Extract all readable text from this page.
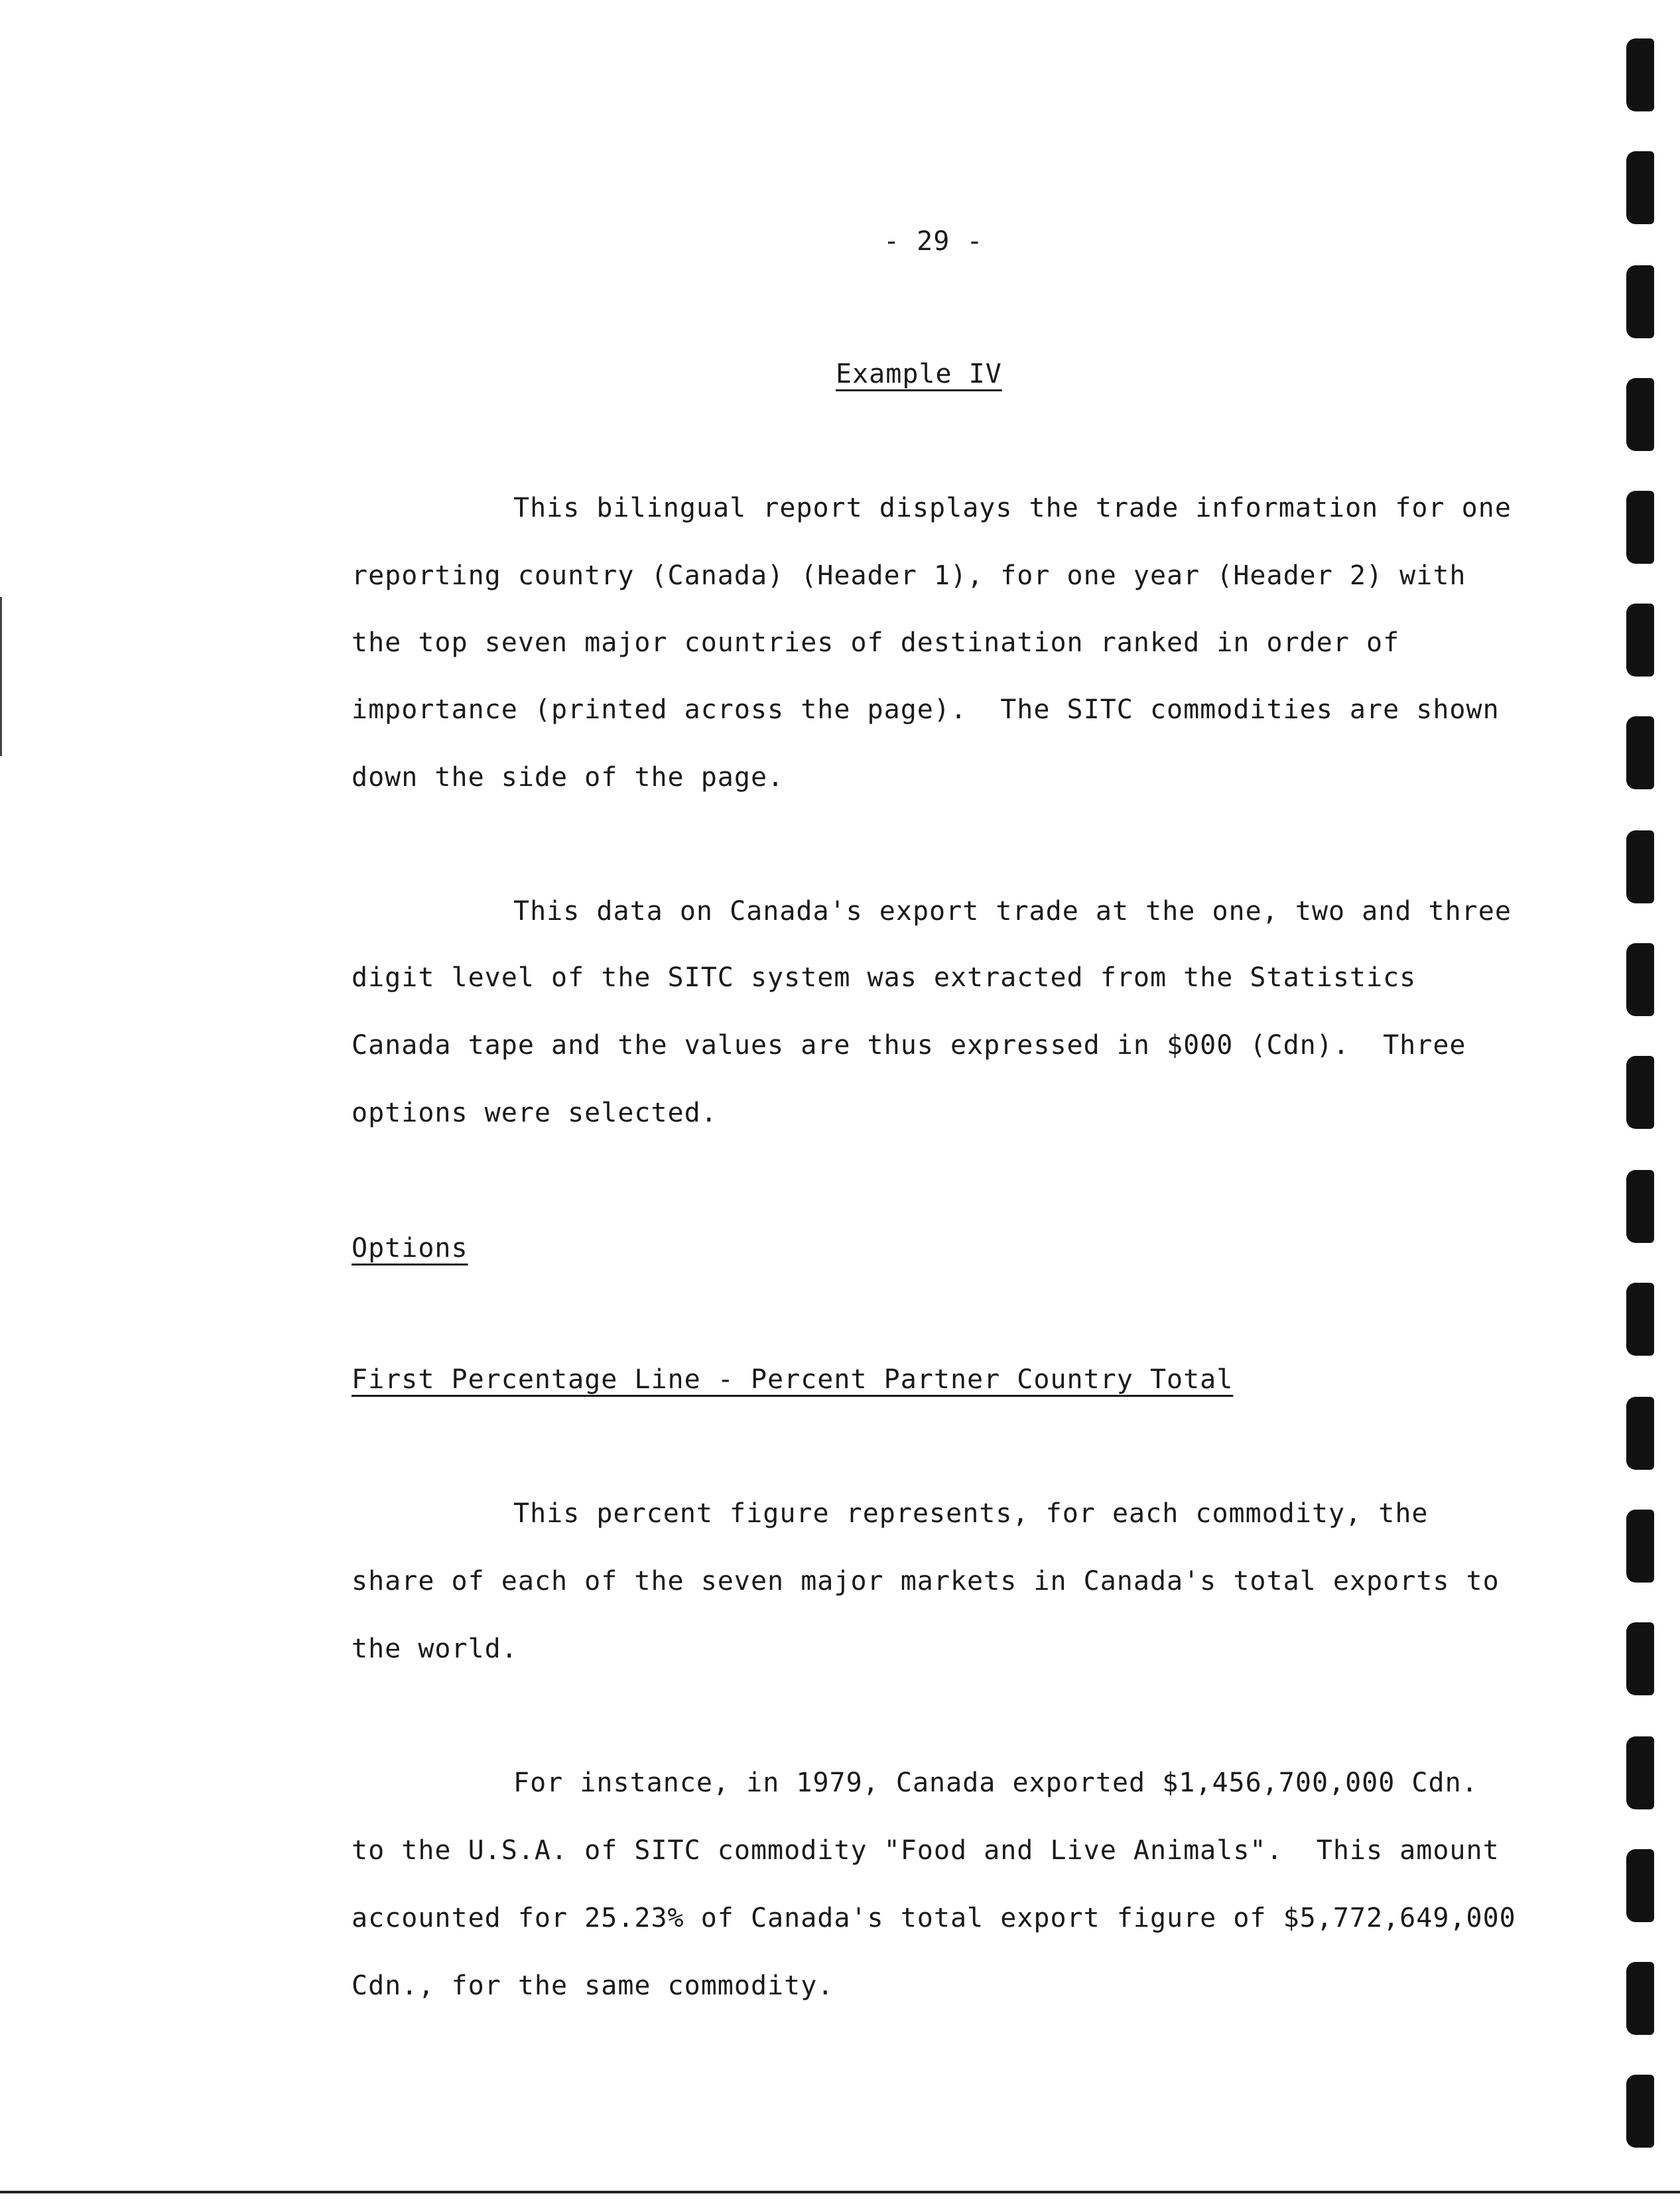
- 29 -
Example IV
This bilingual report displays the trade information for one
reporting country (Canada) (Header 1), for one year (Header 2) with
the top seven major countries of destination ranked in order of
importance (printed across the page).  The SITC commodities are shown
down the side of the page.
This data on Canada's export trade at the one, two and three
digit level of the SITC system was extracted from the Statistics
Canada tape and the values are thus expressed in $000 (Cdn).  Three
options were selected.
Options
First Percentage Line - Percent Partner Country Total
This percent figure represents, for each commodity, the
share of each of the seven major markets in Canada's total exports to
the world.
For instance, in 1979, Canada exported $1,456,700,000 Cdn.
to the U.S.A. of SITC commodity "Food and Live Animals".  This amount
accounted for 25.23% of Canada's total export figure of $5,772,649,000
Cdn., for the same commodity.
